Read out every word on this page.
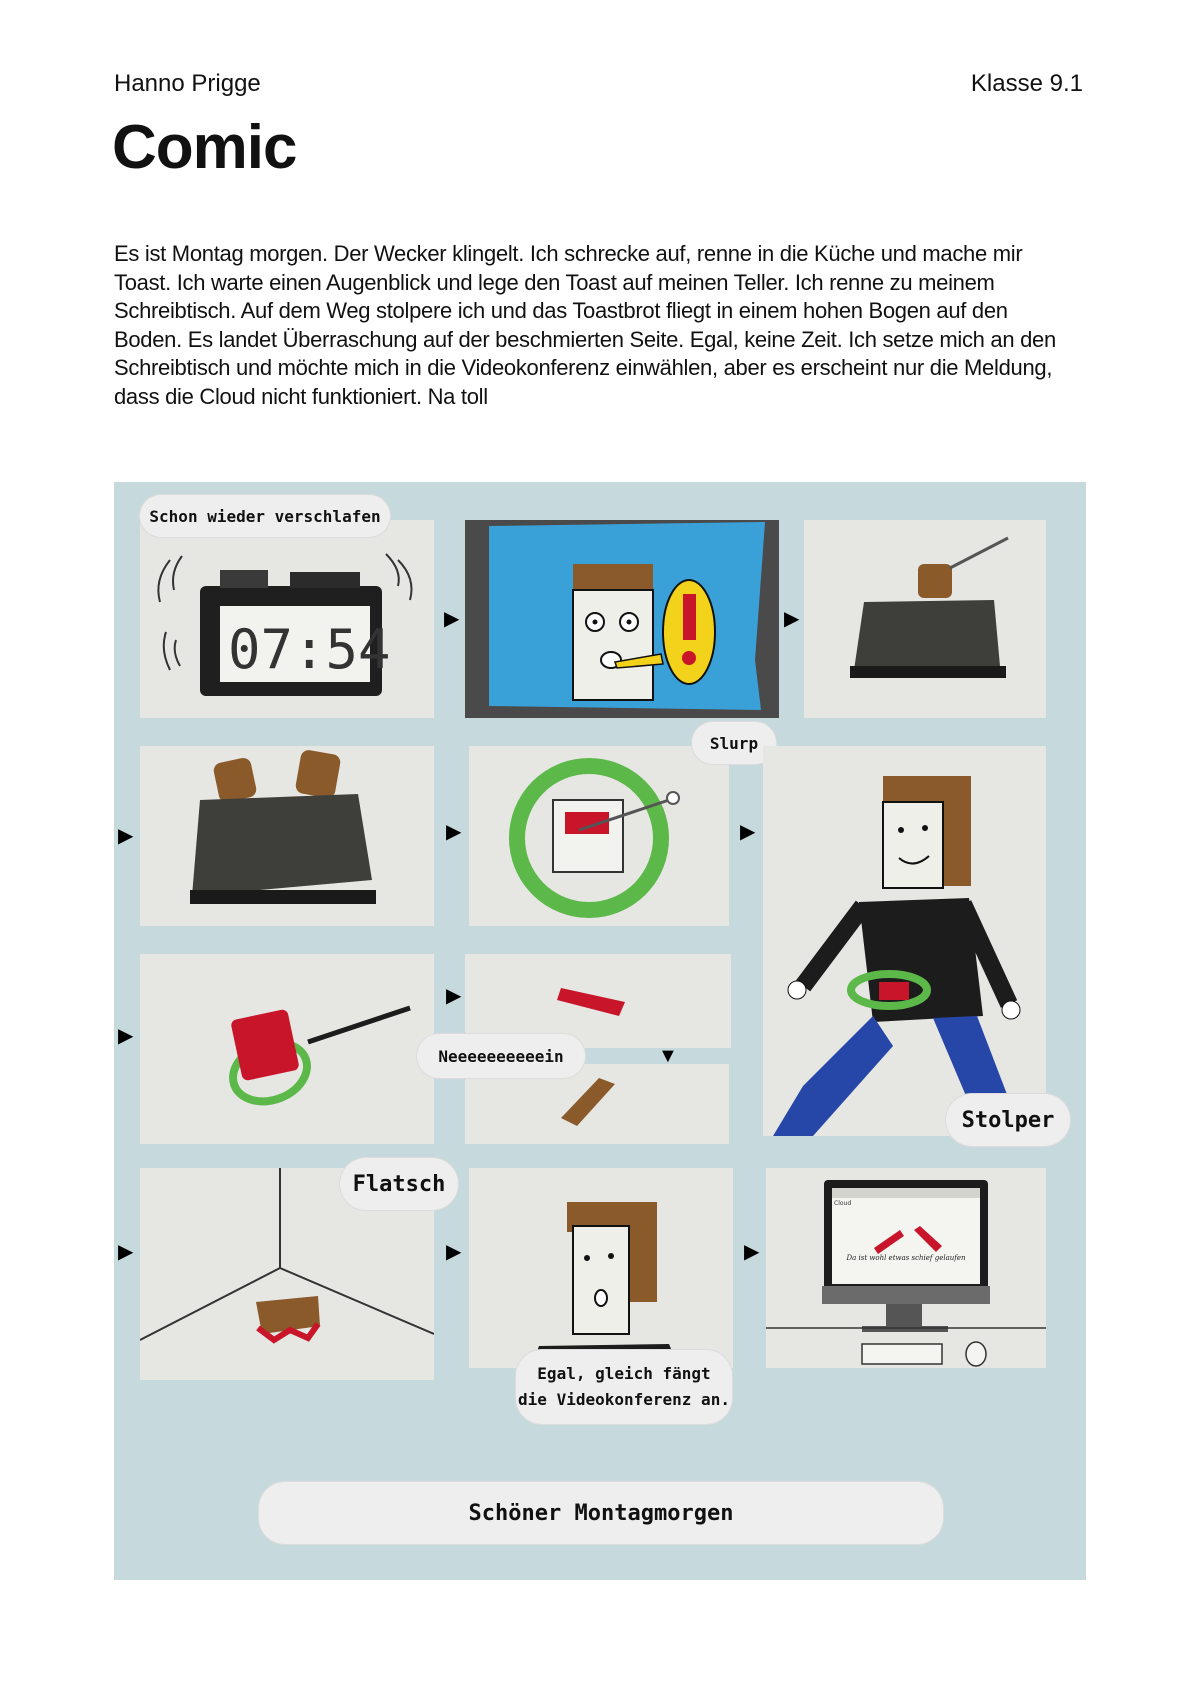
Hanno Prigge	Klasse 9.1
Comic

Es ist Montag morgen. Der Wecker klingelt. Ich schrecke auf, renne in die Küche und mache mir Toast. Ich warte einen Augenblick und lege den Toast auf meinen Teller. Ich renne zu meinem Schreibtisch. Auf dem Weg stolpere ich und das Toastbrot fliegt in einem hohen Bogen auf den Boden. Es landet Überraschung auf der beschmierten Seite. Egal, keine Zeit. Ich setze mich an den Schreibtisch und möchte mich in die Videokonferenz einwählen, aber es erscheint nur die Meldung, dass die Cloud nicht funktioniert. Na toll

07:54
Schon wieder verschlafen
▶	▶
▶	▶
Slurp
▶
▶
▶
Neeeeeeeeeein	▼
Stolper
▶
Flatsch
▶
Egal, gleich fängt
die Videokonferenz an.
▶
Cloud
Da ist wohl etwas schief gelaufen
Schöner Montagmorgen
